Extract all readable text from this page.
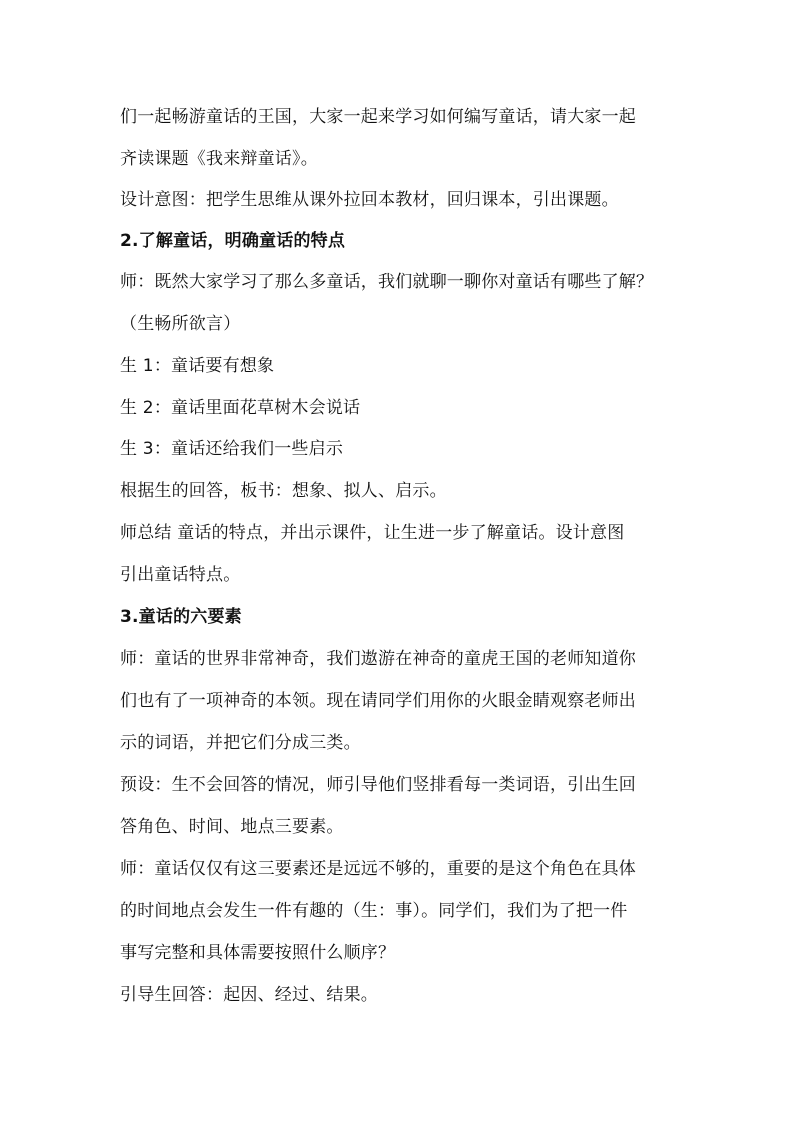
们一起畅游童话的王国，大家一起来学习如何编写童话，请大家一起
齐读课题《我来辩童话》。
设计意图：把学生思维从课外拉回本教材，回归课本，引出课题。
2.了解童话，明确童话的特点
师：既然大家学习了那么多童话，我们就聊一聊你对童话有哪些了解？
（生畅所欲言）
生 1：童话要有想象
生 2：童话里面花草树木会说话
生 3：童话还给我们一些启示
根据生的回答，板书：想象、拟人、启示。
师总结 童话的特点，并出示课件，让生进一步了解童话。设计意图
引出童话特点。
3.童话的六要素
师：童话的世界非常神奇，我们遨游在神奇的童虎王国的老师知道你
们也有了一项神奇的本领。现在请同学们用你的火眼金睛观察老师出
示的词语，并把它们分成三类。
预设：生不会回答的情况，师引导他们竖排看每一类词语，引出生回
答角色、时间、地点三要素。
师：童话仅仅有这三要素还是远远不够的，重要的是这个角色在具体
的时间地点会发生一件有趣的（生：事）。同学们，我们为了把一件
事写完整和具体需要按照什么顺序？
引导生回答：起因、经过、结果。
